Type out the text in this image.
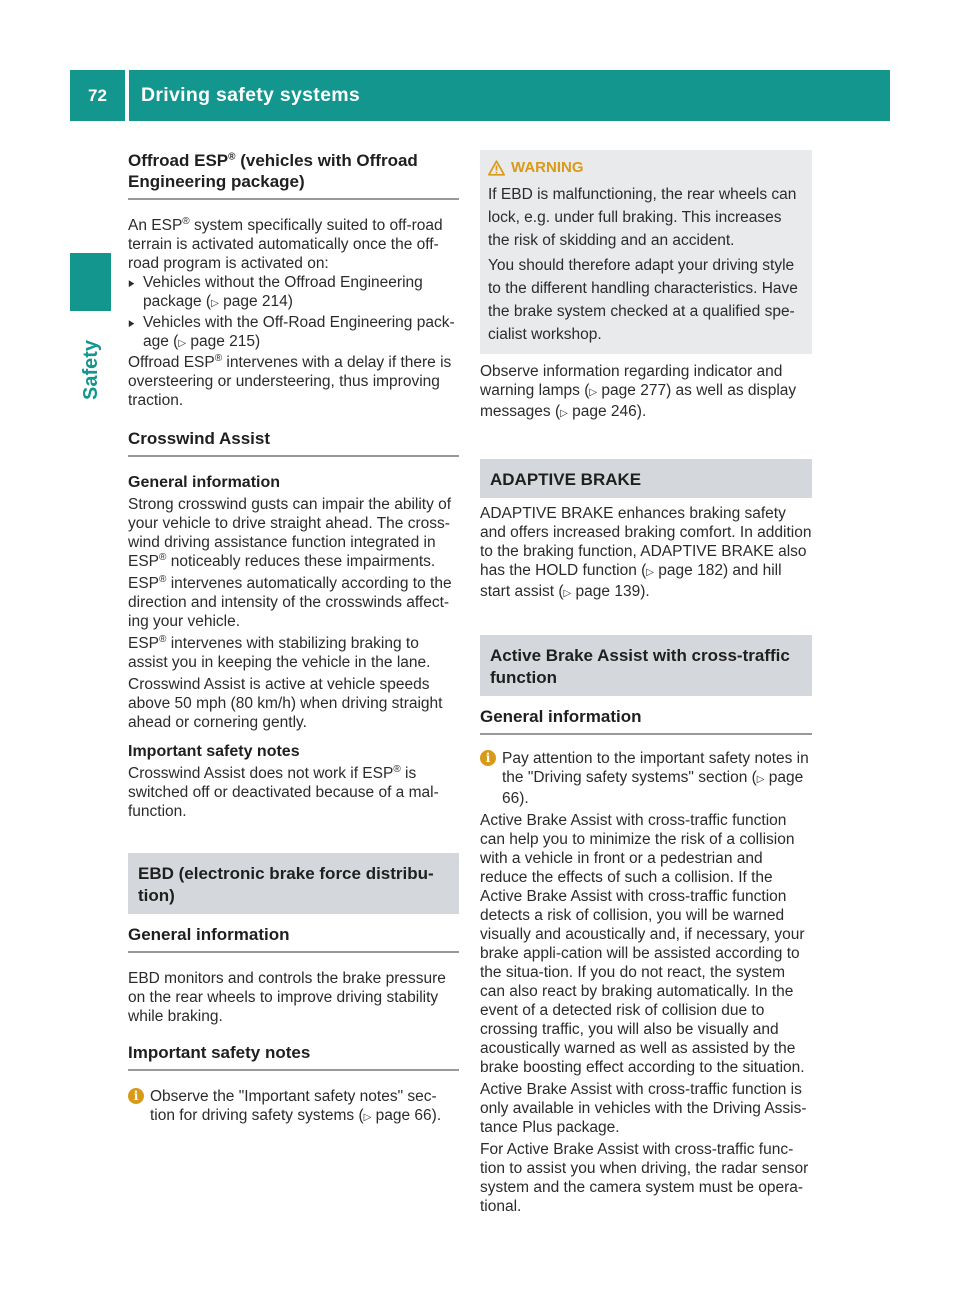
72	Driving safety systems
Safety
Offroad ESP® (vehicles with Offroad
Engineering package)

An ESP® system specifically suited to off-road terrain is activated automatically once the off-road program is activated on:

▶ Vehicles without the Offroad Engineering package (▷ page 214)
▶ Vehicles with the Off-Road Engineering pack-age (▷ page 215)

Offroad ESP® intervenes with a delay if there is oversteering or understeering, thus improving traction.

Crosswind Assist
General information

Strong crosswind gusts can impair the ability of your vehicle to drive straight ahead. The cross-wind driving assistance function integrated in ESP® noticeably reduces these impairments.

ESP® intervenes automatically according to the direction and intensity of the crosswinds affect-ing your vehicle.

ESP® intervenes with stabilizing braking to assist you in keeping the vehicle in the lane.

Crosswind Assist is active at vehicle speeds above 50 mph (80 km/h) when driving straight ahead or cornering gently.

Important safety notes

Crosswind Assist does not work if ESP® is switched off or deactivated because of a mal-function.

EBD (electronic brake force distribu-tion)
General information

EBD monitors and controls the brake pressure on the rear wheels to improve driving stability while braking.

Important safety notes
i Observe the "Important safety notes" sec-tion for driving safety systems (▷ page 66).

WARNING

If EBD is malfunctioning, the rear wheels can lock, e.g. under full braking. This increases the risk of skidding and an accident.

You should therefore adapt your driving style to the different handling characteristics. Have the brake system checked at a qualified spe-cialist workshop.

Observe information regarding indicator and warning lamps (▷ page 277) as well as display messages (▷ page 246).

ADAPTIVE BRAKE

ADAPTIVE BRAKE enhances braking safety and offers increased braking comfort. In addition to the braking function, ADAPTIVE BRAKE also has the HOLD function (▷ page 182) and hill start assist (▷ page 139).

Active Brake Assist with cross-traffic function
General information
i Pay attention to the important safety notes in the "Driving safety systems" section (▷ page 66).

Active Brake Assist with cross-traffic function can help you to minimize the risk of a collision with a vehicle in front or a pedestrian and reduce the effects of such a collision. If the Active Brake Assist with cross-traffic function detects a risk of collision, you will be warned visually and acoustically and, if necessary, your brake appli-cation will be assisted according to the situa-tion. If you do not react, the system can also react by braking automatically. In the event of a detected risk of collision due to crossing traffic, you will also be visually and acoustically warned as well as assisted by the brake boosting effect according to the situation.

Active Brake Assist with cross-traffic function is only available in vehicles with the Driving Assis-tance Plus package.

For Active Brake Assist with cross-traffic func-tion to assist you when driving, the radar sensor system and the camera system must be opera-tional.
